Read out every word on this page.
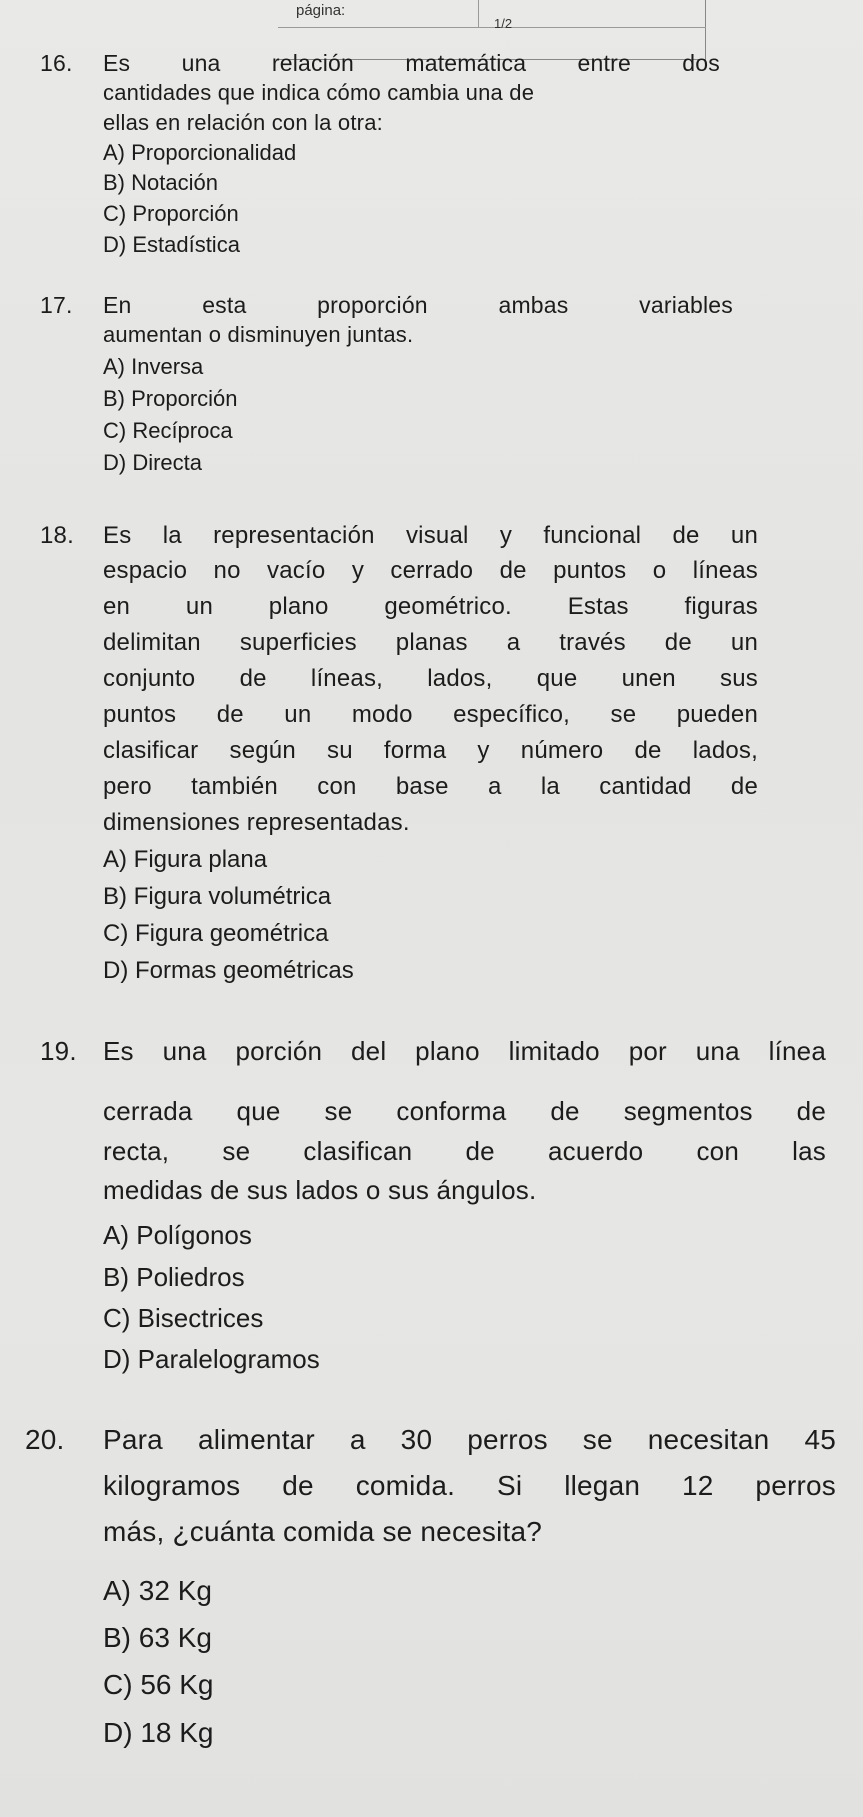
página:
1/2
16.	Es una relación matemática entre dos
cantidades que indica cómo cambia una de
ellas en relación con la otra:
A) Proporcionalidad
B) Notación
C) Proporción
D) Estadística
17. En esta proporción ambas variables
aumentan o disminuyen juntas.
A) Inversa
B) Proporción
C) Recíproca
D) Directa
18. Es la representación visual y funcional de un
espacio no vacío y cerrado de puntos o líneas
en un plano geométrico. Estas figuras
delimitan superficies planas a través de un
conjunto de líneas, lados, que unen sus
puntos de un modo específico, se pueden
clasificar según su forma y número de lados,
pero también con base a la cantidad de
dimensiones representadas.
A) Figura plana
B) Figura volumétrica
C) Figura geométrica
D) Formas geométricas
19. Es una porción del plano limitado por una línea
cerrada que se conforma de segmentos de
recta, se clasifican de acuerdo con las
medidas de sus lados o sus ángulos.
A) Polígonos
B) Poliedros
C) Bisectrices
D) Paralelogramos
20. Para alimentar a 30 perros se necesitan 45
kilogramos de comida. Si llegan 12 perros
más, ¿cuánta comida se necesita?
A) 32 Kg
B) 63 Kg
C) 56 Kg
D) 18 Kg
